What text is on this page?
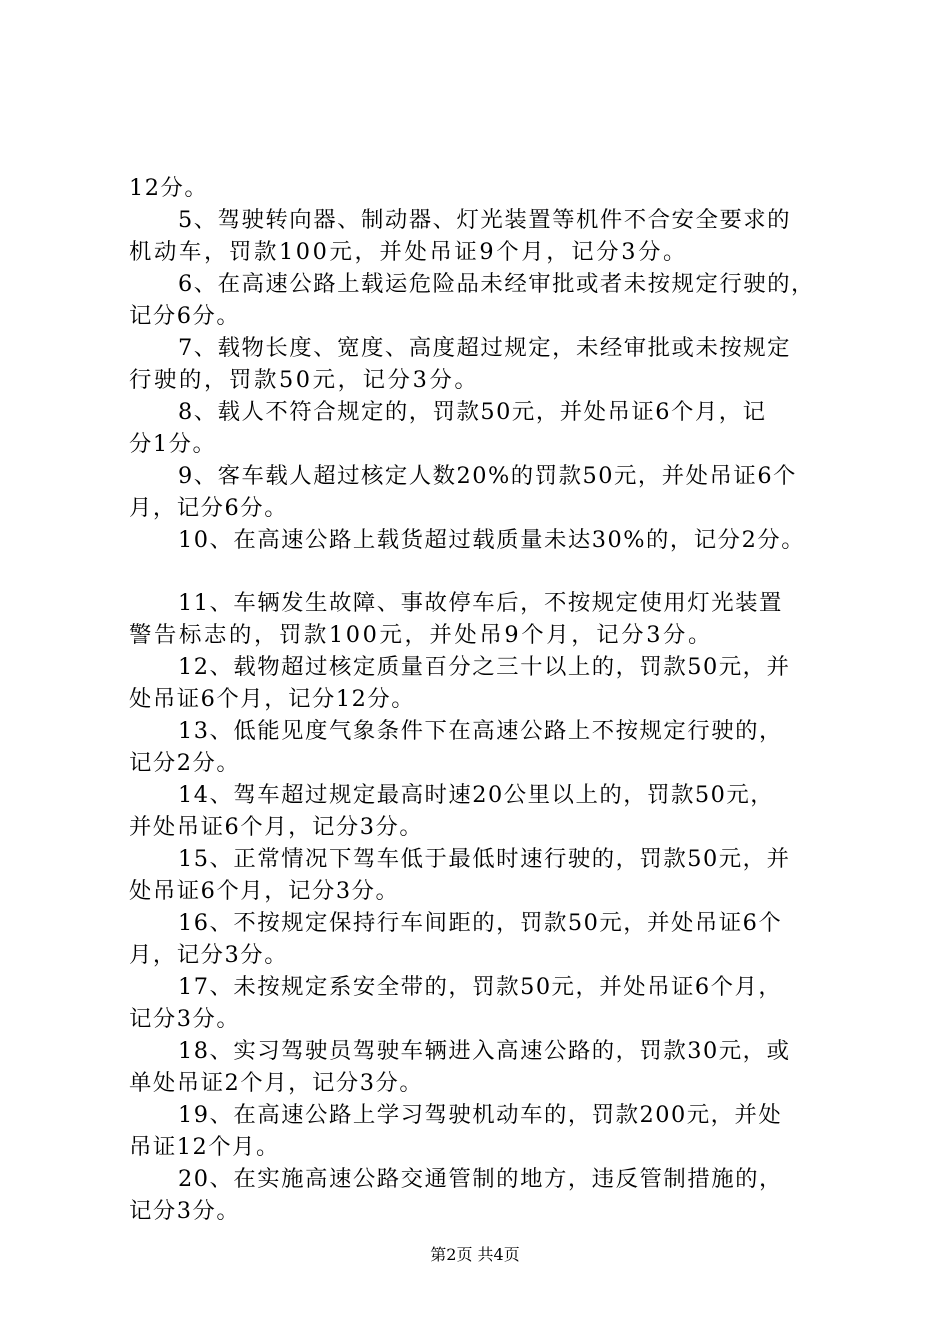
12分。
5、驾驶转向器、制动器、灯光装置等机件不合安全要求的
机动车，罚款100元，并处吊证9个月，记分3分。
6、在高速公路上载运危险品未经审批或者未按规定行驶的，
记分6分。
7、载物长度、宽度、高度超过规定，未经审批或未按规定
行驶的，罚款50元，记分3分。
8、载人不符合规定的，罚款50元，并处吊证6个月，记
分1分。
9、客车载人超过核定人数20%的罚款50元，并处吊证6个
月，记分6分。
10、在高速公路上载货超过载质量未达30%的，记分2分。
11、车辆发生故障、事故停车后，不按规定使用灯光装置
警告标志的，罚款100元，并处吊9个月，记分3分。
12、载物超过核定质量百分之三十以上的，罚款50元，并
处吊证6个月，记分12分。
13、低能见度气象条件下在高速公路上不按规定行驶的，
记分2分。
14、驾车超过规定最高时速20公里以上的，罚款50元，
并处吊证6个月，记分3分。
15、正常情况下驾车低于最低时速行驶的，罚款50元，并
处吊证6个月，记分3分。
16、不按规定保持行车间距的，罚款50元，并处吊证6个
月，记分3分。
17、未按规定系安全带的，罚款50元，并处吊证6个月，
记分3分。
18、实习驾驶员驾驶车辆进入高速公路的，罚款30元，或
单处吊证2个月，记分3分。
19、在高速公路上学习驾驶机动车的，罚款200元，并处
吊证12个月。
20、在实施高速公路交通管制的地方，违反管制措施的，
记分3分。
第2页 共4页
